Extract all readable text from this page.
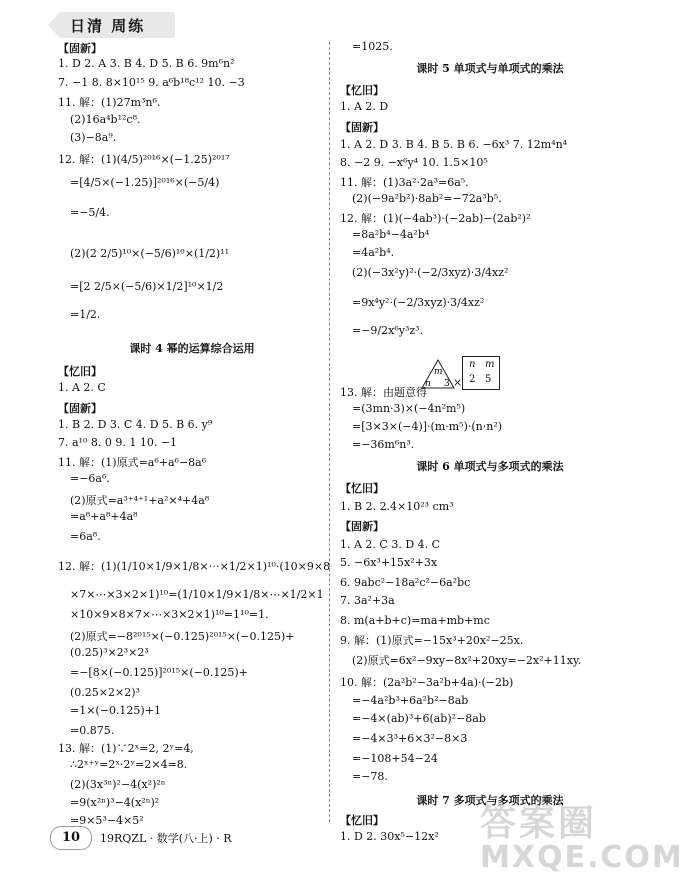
日清 周练
【固新】
1. D 2. A 3. B 4. D 5. B 6. 9m⁶n²
7. −1 8. 8×10¹⁵ 9. a⁶b¹⁸c¹² 10. −3
11. 解：(1)27m³n⁶.
(2)16a⁴b¹²c⁸.
(3)−8a⁹.
12. 解：(1)(4/5)²⁰¹⁶×(−1.25)²⁰¹⁷
=[4/5×(−1.25)]²⁰¹⁶×(−5/4)
=−5/4.
(2)(2 2/5)¹⁰×(−5/6)¹⁰×(1/2)¹¹
=[2 2/5×(−5/6)×1/2]¹⁰×1/2
=1/2.
课时 4 幂的运算综合运用
【忆旧】
1. A 2. C
【固新】
1. B 2. D 3. C 4. D 5. B 6. y⁹
7. a¹⁰ 8. 0 9. 1 10. −1
11. 解：(1)原式=a⁶+a⁶−8a⁶
=−6a⁶.
(2)原式=a³⁺⁴⁺¹+a²×⁴+4a⁸
=a⁸+a⁸+4a⁸
=6a⁸.
12. 解：(1)(1/10×1/9×1/8×⋯×1/2×1)¹⁰·(10×9×8
×7×⋯×3×2×1)¹⁰=(1/10×1/9×1/8×⋯×1/2×1
×10×9×8×7×⋯×3×2×1)¹⁰=1¹⁰=1.
(2)原式=−8²⁰¹⁵×(−0.125)²⁰¹⁵×(−0.125)+
(0.25)³×2³×2³
=−[8×(−0.125)]²⁰¹⁵×(−0.125)+
(0.25×2×2)³
=1×(−0.125)+1
=0.875.
13. 解：(1)∵2ˣ=2, 2ʸ=4,
∴2ˣ⁺ʸ=2ˣ·2ʸ=2×4=8.
(2)(3x³ⁿ)²−4(x²)²ⁿ
=9(x²ⁿ)³−4(x²ⁿ)²
=9×5³−4×5²
=1025.
课时 5 单项式与单项式的乘法
【忆旧】
1. A 2. D
【固新】
1. A 2. D 3. B 4. B 5. B 6. −6x³ 7. 12m⁴n⁴
8. −2 9. −x⁶y⁴ 10. 1.5×10⁵
11. 解：(1)3a²·2a³=6a⁵.
(2)(−9a²b²)·8ab²=−72a³b⁵.
12. 解：(1)(−4ab³)·(−2ab)−(2ab²)²
=8a²b⁴−4a²b⁴
=4a²b⁴.
(2)(−3x²y)²·(−2/3xyz)·3/4xz²
=9x⁴y²·(−2/3xyz)·3/4xz²
=−9/2x⁶y³z³.
13. 解：由题意得
=(3mn·3)×(−4n²m⁵)
=[3×3×(−4)]·(m·m⁵)·(n·n²)
=−36m⁶n³.
课时 6 单项式与多项式的乘法
【忆旧】
1. B 2. 2.4×10²³ cm³
【固新】
1. A 2. C 3. D 4. C
5. −6x³+15x²+3x
6. 9abc²−18a²c²−6a²bc
7. 3a²+3a
8. m(a+b+c)=ma+mb+mc
9. 解：(1)原式=−15x³+20x²−25x.
(2)原式=6x²−9xy−8x²+20xy=−2x²+11xy.
10. 解：(2a²b²−3a²b+4a)·(−2b)
=−4a²b³+6a²b²−8ab
=−4×(ab)³+6(ab)²−8ab
=−4×3³+6×3²−8×3
=−108+54−24
=−78.
课时 7 多项式与多项式的乘法
【忆旧】
1. D 2. 30x⁵−12x²
m
n 3 ×
n m
2 5
10	19RQZL · 数学(八·上) · R	答案圈
MXQE.COM
